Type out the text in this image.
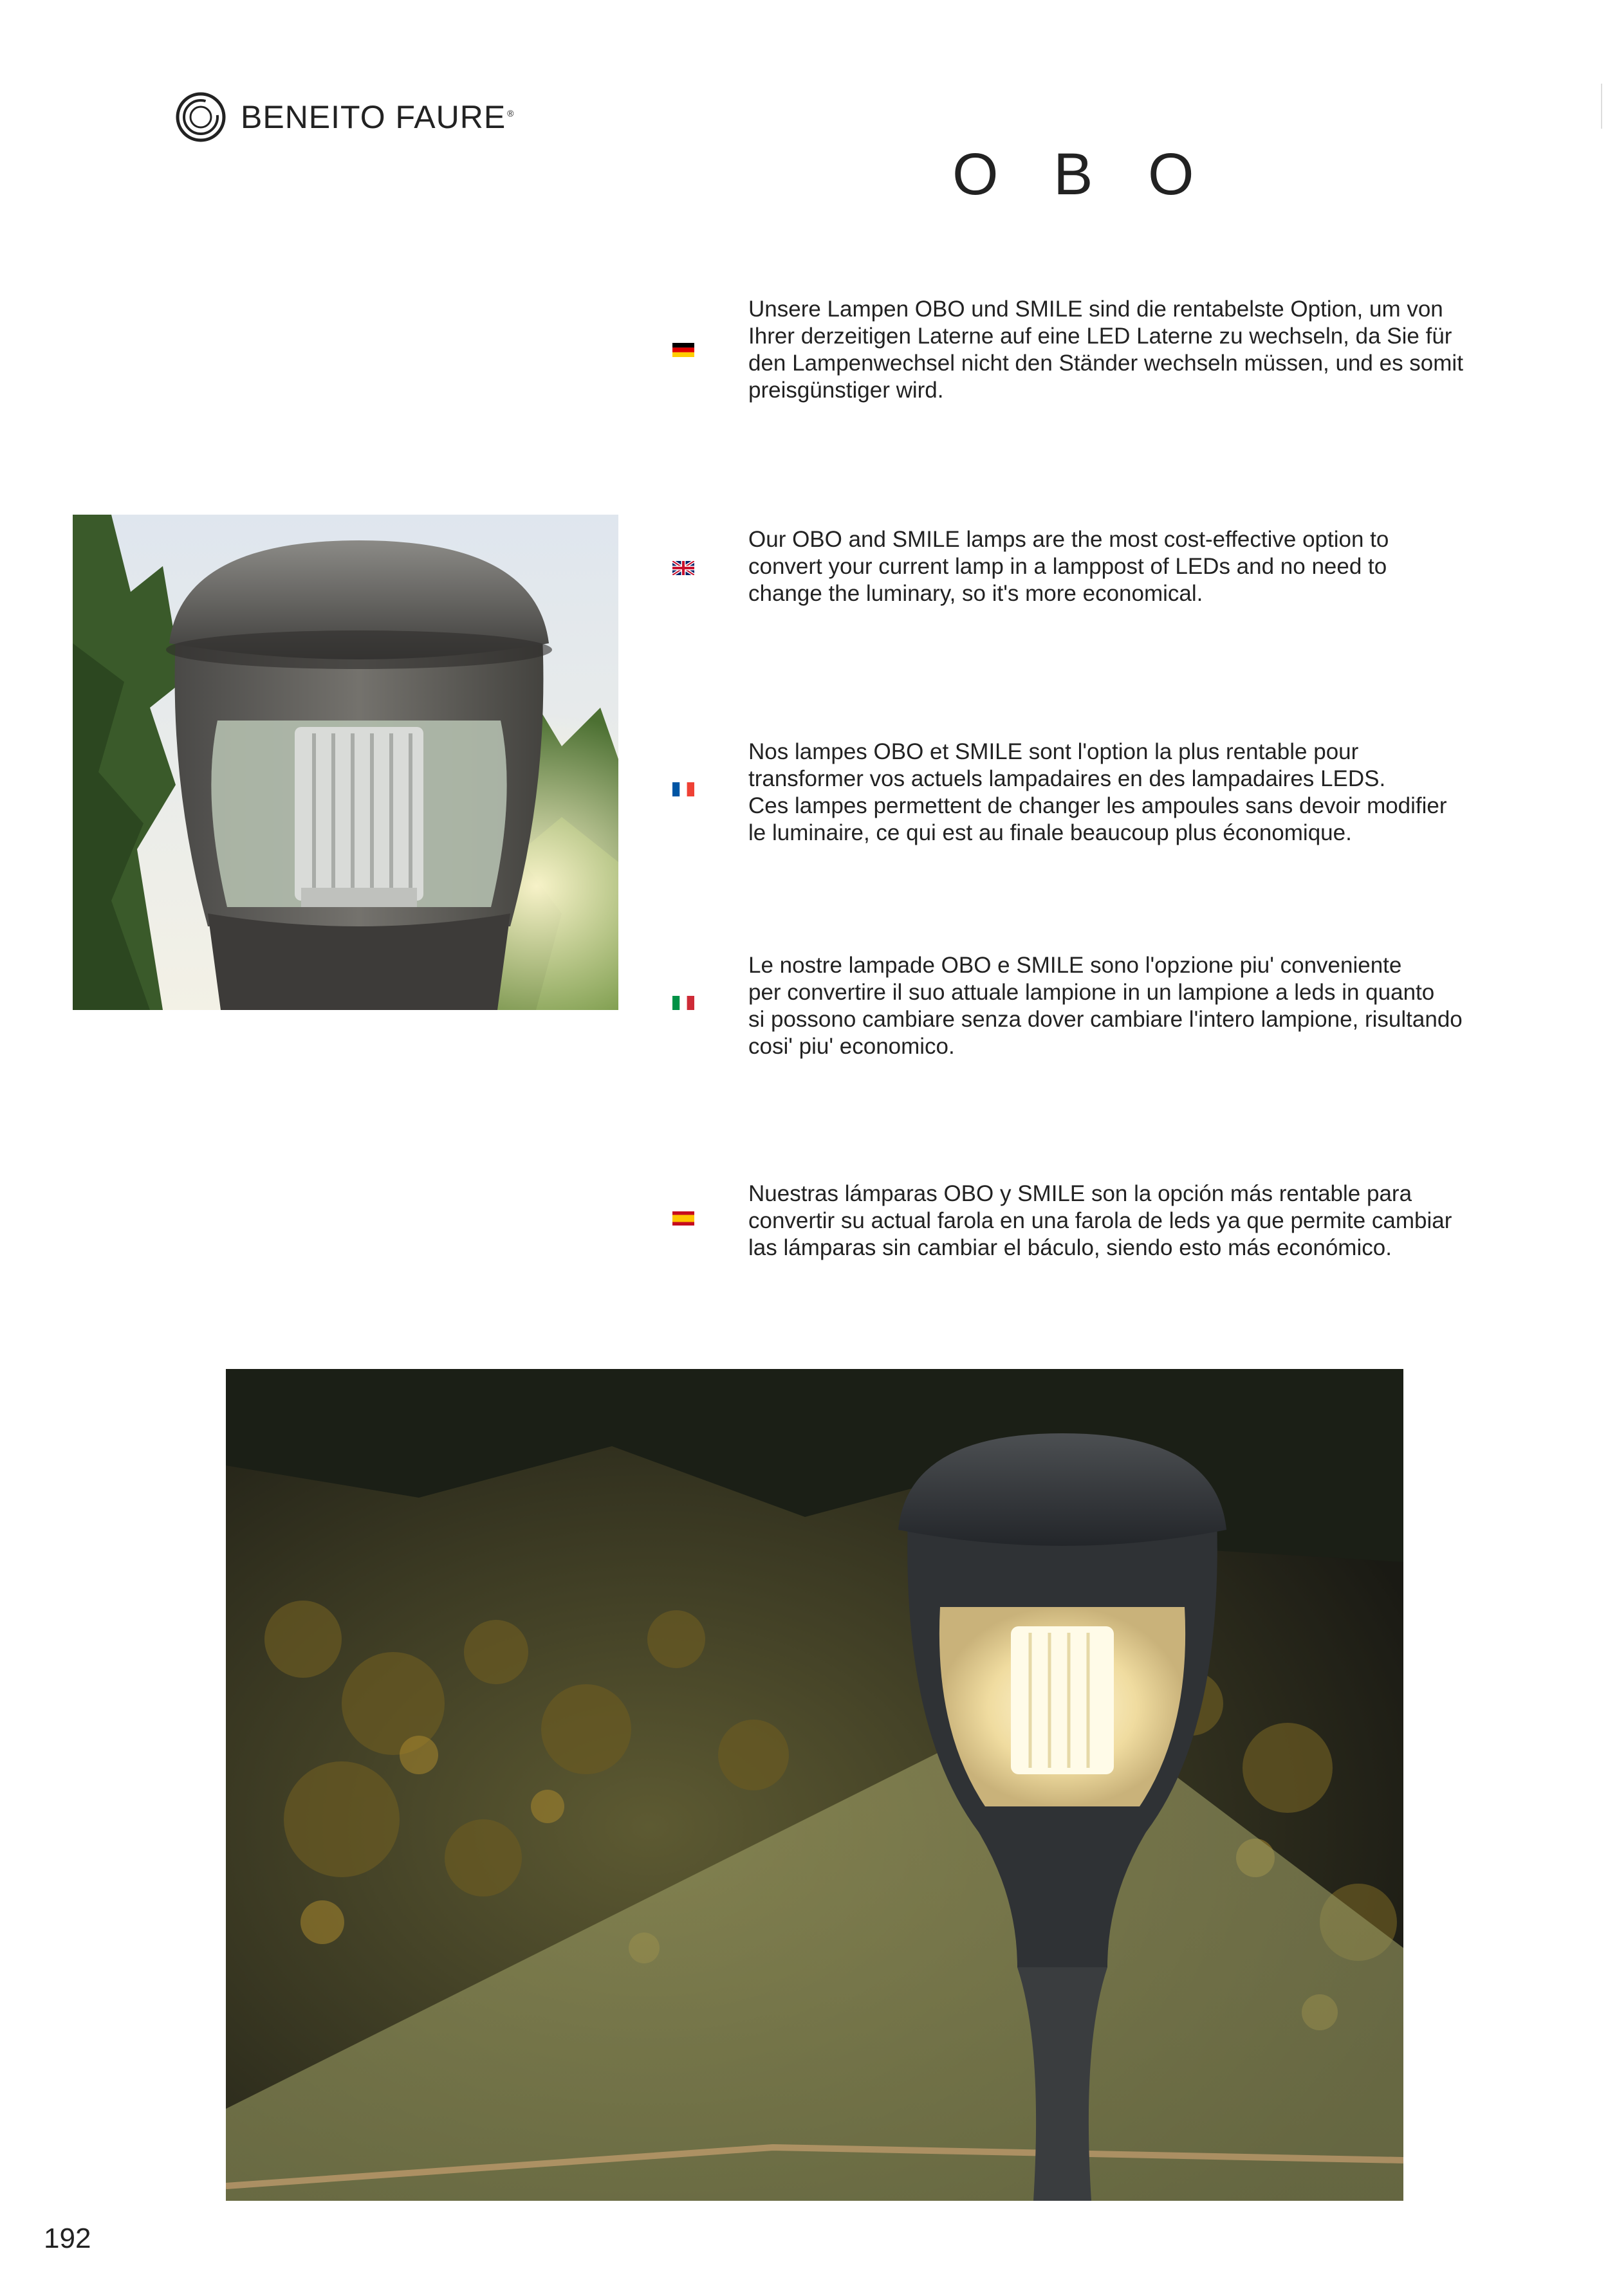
BENEITO FAURE ®
O B O

Unsere Lampen OBO und SMILE sind die rentabelste Option, um von
Ihrer derzeitigen Laterne auf eine LED Laterne zu wechseln, da Sie für
den Lampenwechsel nicht den Ständer wechseln müssen, und es somit
preisgünstiger wird.

Our OBO and SMILE lamps are the most cost-effective option to
convert your current lamp in a lamppost of LEDs and no need to
change the luminary, so it's more economical.

Nos lampes OBO et SMILE sont l'option la plus rentable pour
transformer vos actuels lampadaires en des lampadaires LEDS.
Ces lampes permettent de changer les ampoules sans devoir modifier
le luminaire, ce qui est au finale beaucoup plus économique.

Le nostre lampade OBO e SMILE sono l'opzione piu' conveniente
per convertire il suo attuale lampione in un lampione a leds in quanto
si possono cambiare senza dover cambiare l'intero lampione, risultando
cosi' piu' economico.

Nuestras lámparas OBO y SMILE son la opción más rentable para
convertir su actual farola en una farola de leds ya que permite cambiar
las lámparas sin cambiar el báculo, siendo esto más económico.

192
